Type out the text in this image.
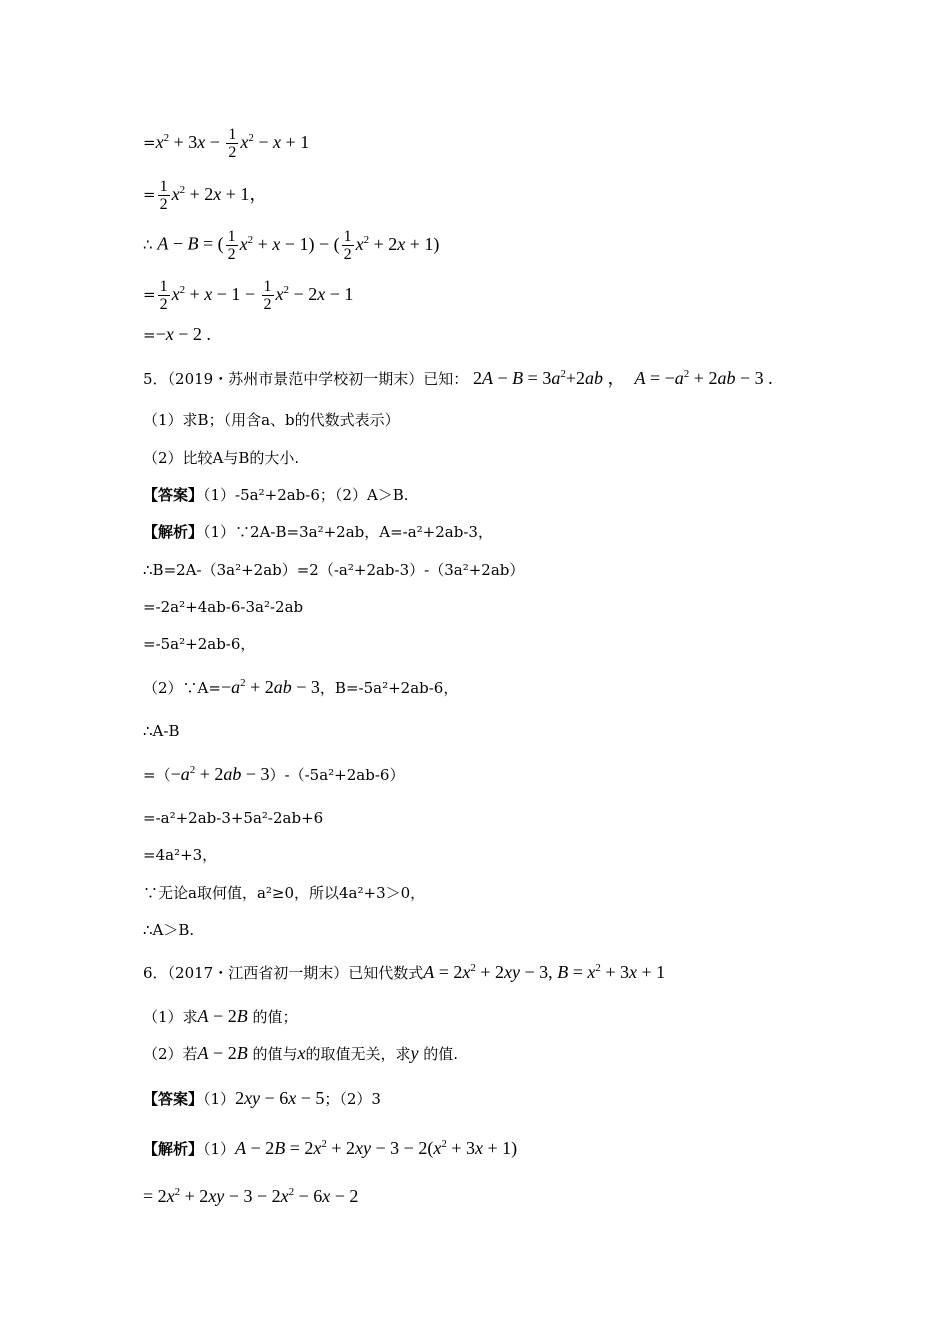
$=x^2 + 3x - \frac{1}{2} x^2 - x + 1$
= $\frac{1}{2} x^2 + 2x + 1$，
∴ A − B = ( $\frac{1}{2} x^2 + x - 1$) − ( $\frac{1}{2} x^2 + 2x + 1$)
= $\frac{1}{2} x^2 + x - 1 - \frac{1}{2} x^2 - 2x - 1$
=−x − 2 .
5．（2019・苏州市景范中学校初一期末）已知： $2A - B = 3a^2+2ab$ ，  $A = -a^2 + 2ab - 3$ .
（1）求B；（用含a、b的代数式表示）
（2）比较A与B的大小.
【答案】（1）-5a²+2ab-6；（2）A＞B.
【解析】（1）∵2A-B=3a²+2ab，A=-a²+2ab-3，
∴B=2A-（3a²+2ab）=2（-a²+2ab-3）-（3a²+2ab）
=-2a²+4ab-6-3a²-2ab
=-5a²+2ab-6，
$(2)\because A=-a^2 + 2ab - 3$，B=-5a²+2ab-6，
∴A-B
$=(-a^2 + 2ab - 3)-(-5a^2+2ab-6)$
=-a²+2ab-3+5a²-2ab+6
=4a²+3，
∵无论a取何值，a²≥0，所以4a²+3＞0，
∴A＞B.
6．（2017・江西省初一期末）已知代数式$A = 2x^2 + 2xy - 3$, $B = x^2 + 3x + 1$
（1）求A − 2B 的值；
（2）若A − 2B 的值与x的取值无关，求y 的值.
【答案】（1）2xy − 6x − 5；（2）3
【解析】$(1)A - 2B = 2x^2 + 2xy - 3 - 2(x^2 + 3x + 1)$
= $2x^2 + 2xy - 3 - 2x^2 - 6x - 2$
